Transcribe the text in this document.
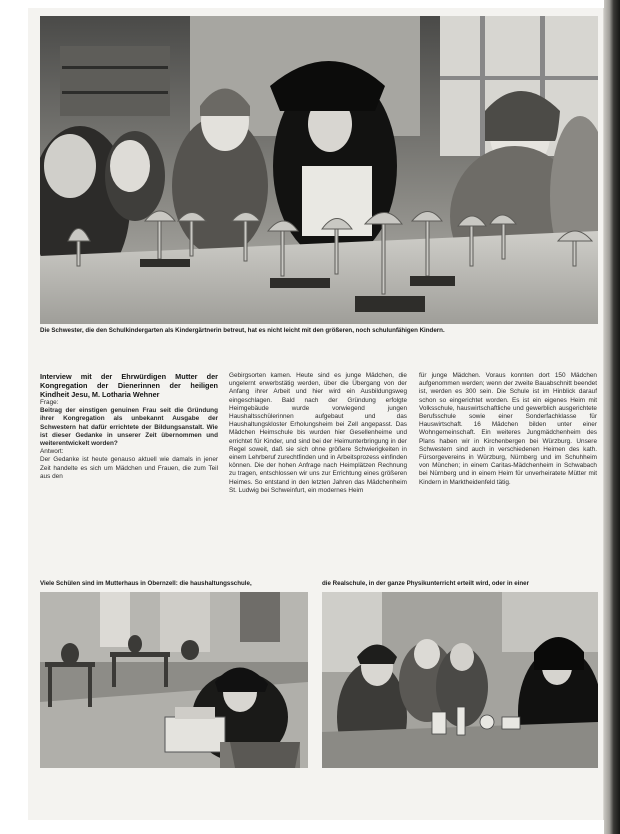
Die Schwester, die den Schulkindergarten als Kindergärtnerin betreut, hat es nicht leicht mit den größeren, noch schulunfähigen Kindern.

Interview mit der Ehrwürdigen Mutter der Kongregation der Dienerinnen der heiligen Kindheit Jesu, M. Lotharia Wehner

Frage:

Beitrag der einstigen genuinen Frau seit die Gründung ihrer Kongregation als unbekannt Ausgabe der Schwestern hat dafür errichtete der Bildungsanstalt. Wie ist dieser Gedanke in unserer Zeit übernommen und weiterentwickelt worden?

Antwort:

Der Gedanke ist heute genauso aktuell wie damals in jener Zeit handelte es sich um Mädchen und Frauen, die zum Teil aus den

Gebirgsorten kamen. Heute sind es junge Mädchen, die ungelernt erwerbstätig werden, über die Übergang von der Anfang ihrer Arbeit und hier wird ein Ausbildungsweg eingeschlagen. Bald nach der Gründung erfolgte Heimgebäude wurde vorwiegend jungen Haushaltsschülerinnen aufgebaut und das Haushaltungskloster Erholungsheim bei Zell angepasst. Das Mädchen Heimschule bis wurden hier Gesellenheime und errichtet für Kinder, und sind bei der Heimunterbringung in der Regel soweit, daß sie sich ohne größere Schwierigkeiten in einem Lehrberuf zurechtfinden und in Arbeitsprozess einfinden können. Die der hohen Anfrage nach Heimplätzen Rechnung zu tragen, entschlossen wir uns zur Errichtung eines größeren Heimes. So entstand in den letzten Jahren das Mädchenheim St. Ludwig bei Schweinfurt, ein modernes Heim

für junge Mädchen. Voraus konnten dort 150 Mädchen aufgenommen werden; wenn der zweite Bauabschnitt beendet ist, werden es 300 sein. Die Schule ist im Hinblick darauf schon so eingerichtet worden. Es ist ein eigenes Heim mit Volksschule, hauswirtschaftliche und gewerblich ausgerichtete Berufsschule sowie einer Sonderfachklasse für Hauswirtschaft. 16 Mädchen bilden unter einer Wohngemeinschaft. Ein weiteres Jungmädchenheim des Plans haben wir in Kirchenbergen bei Würzburg. Unsere Schwestern sind auch in verschiedenen Heimen des kath. Fürsorgevereins in Würzburg, Nürnberg und im Schuhheim von München; in einem Caritas-Mädchenheim in Schwabach bei Nürnberg und in einem Heim für unverheiratete Mütter mit Kindern in Marktheidenfeld tätig.

Viele Schülen sind im Mutterhaus in Obernzell: die haushaltungsschule,	die Realschule, in der ganze Physikunterricht erteilt wird, oder in einer
